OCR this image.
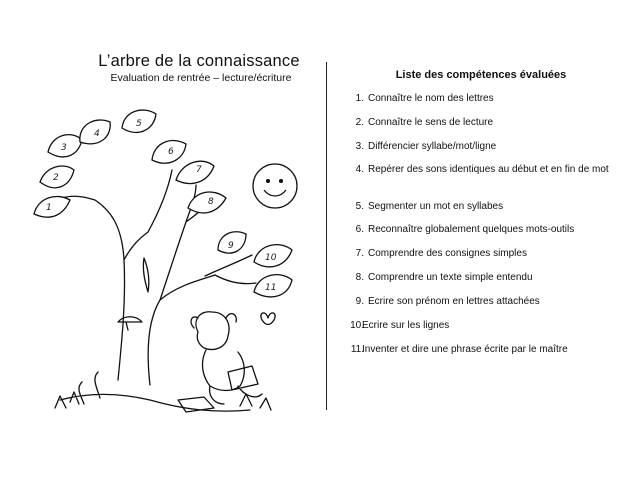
1
2
3
4
5
6
7
8
9
10
11
L’arbre de la connaissance
Evaluation de rentrée – lecture/écriture	Liste des compétences évaluées
1. Connaître le nom des lettres
2. Connaître le sens de lecture
3. Différencier syllabe/mot/ligne
4. Repérer des sons identiques au début et en fin de mot
5. Segmenter un mot en syllabes
6. Reconnaître globalement quelques mots-outils
7. Comprendre des consignes simples
8. Comprendre un texte simple entendu
9. Ecrire son prénom en lettres attachées
10.
Ecrire sur les lignes
11.
Inventer et dire une phrase écrite par le maître
